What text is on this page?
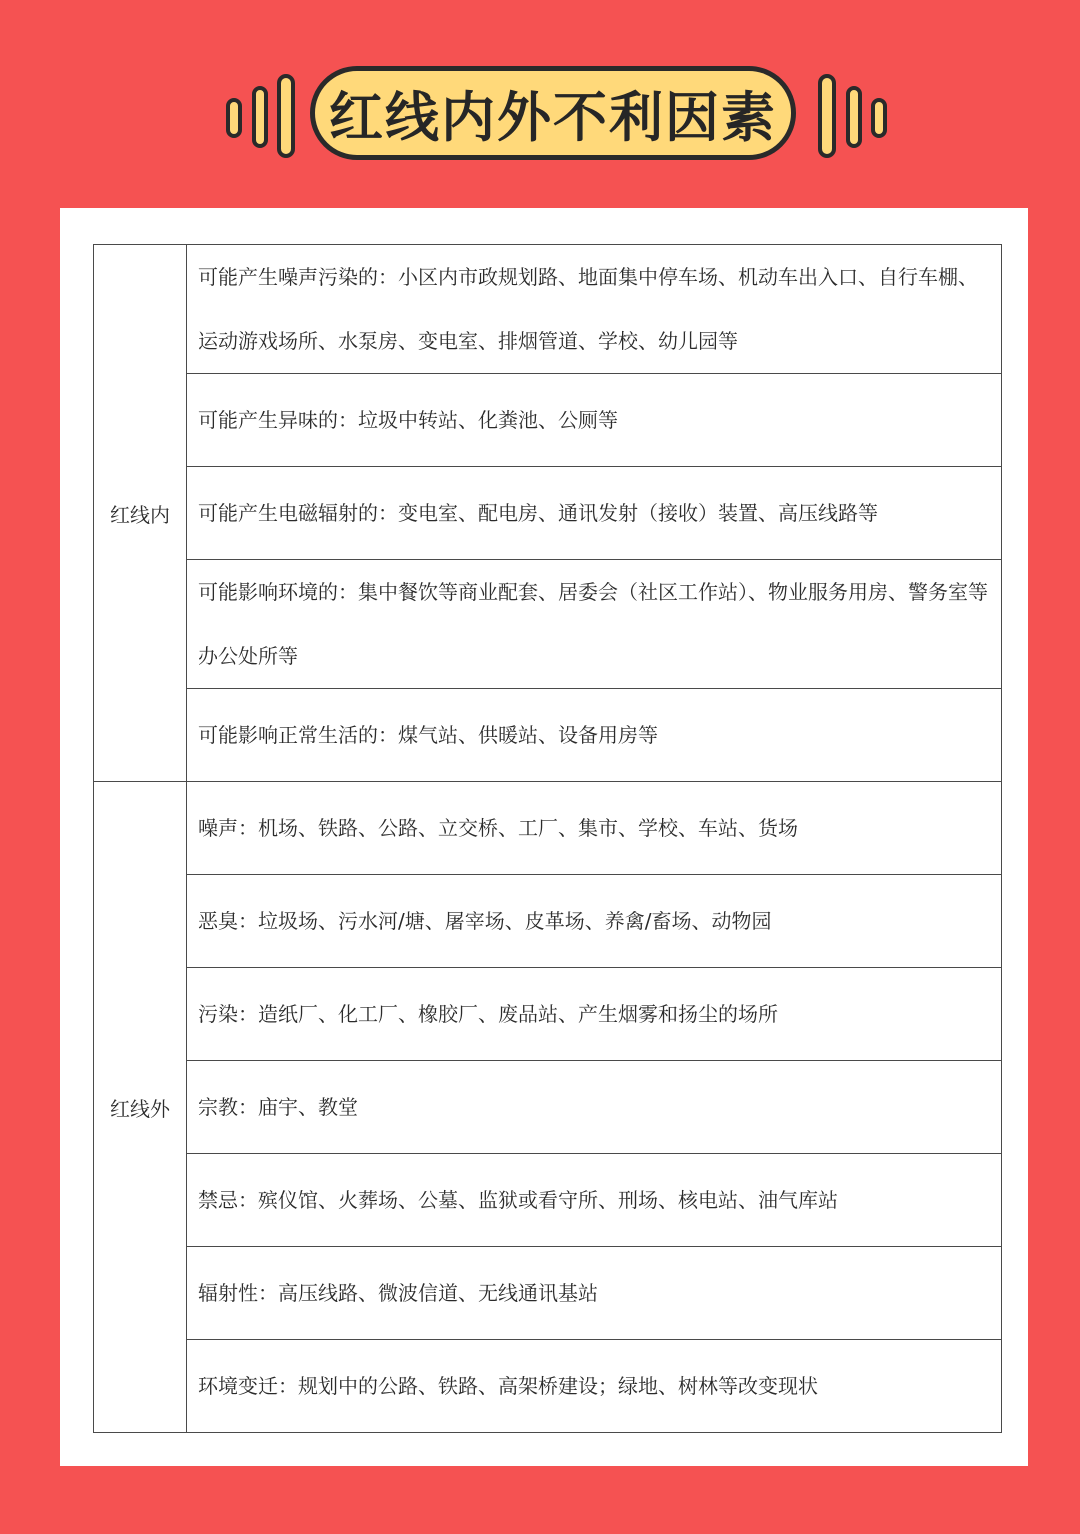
红线内外不利因素
红线内	可能产生噪声污染的：小区内市政规划路、地面集中停车场、机动车出入口、自行车棚、运动游戏场所、水泵房、变电室、排烟管道、学校、幼儿园等
	可能产生异味的：垃圾中转站、化粪池、公厕等
	可能产生电磁辐射的：变电室、配电房、通讯发射（接收）装置、高压线路等
	可能影响环境的：集中餐饮等商业配套、居委会（社区工作站）、物业服务用房、警务室等办公处所等
	可能影响正常生活的：煤气站、供暖站、设备用房等
红线外	噪声：机场、铁路、公路、立交桥、工厂、集市、学校、车站、货场
	恶臭：垃圾场、污水河/塘、屠宰场、皮革场、养禽/畜场、动物园
	污染：造纸厂、化工厂、橡胶厂、废品站、产生烟雾和扬尘的场所
	宗教：庙宇、教堂
	禁忌：殡仪馆、火葬场、公墓、监狱或看守所、刑场、核电站、油气库站
	辐射性：高压线路、微波信道、无线通讯基站
	环境变迁：规划中的公路、铁路、高架桥建设；绿地、树林等改变现状
